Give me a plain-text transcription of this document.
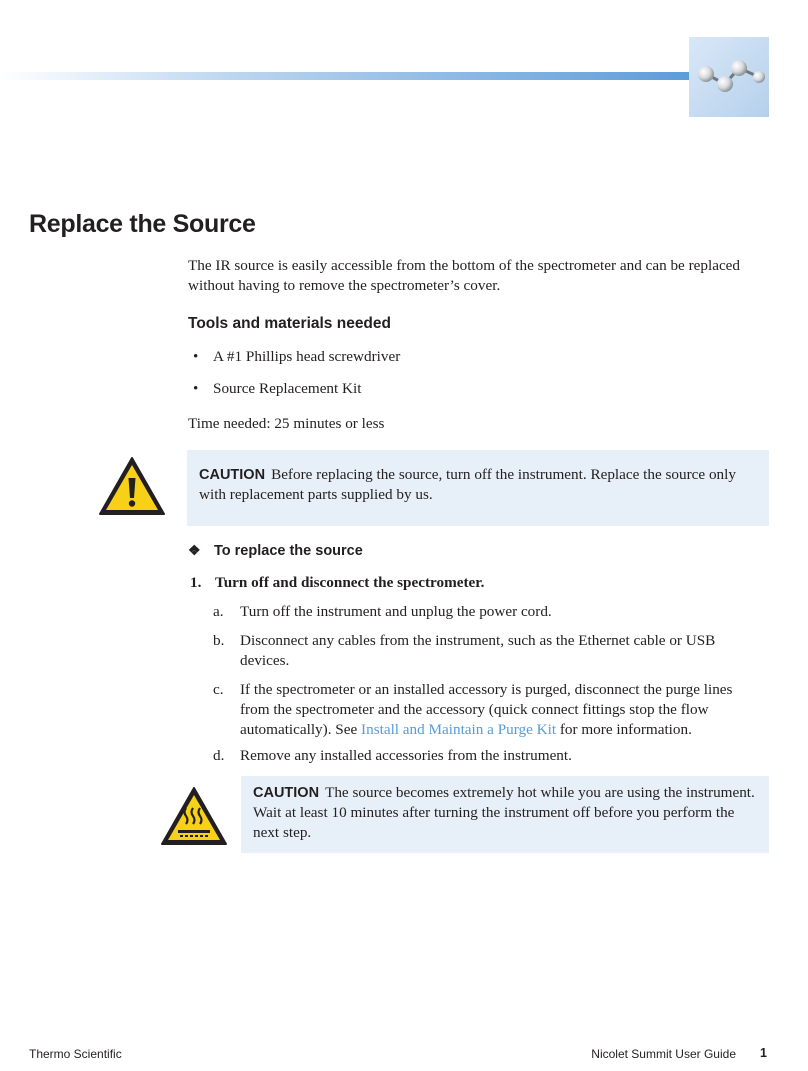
Replace the Source

The IR source is easily accessible from the bottom of the spectrometer and can be replaced without having to remove the spectrometer’s cover.

Tools and materials needed
• A #1 Phillips head screwdriver
• Source Replacement Kit

Time needed: 25 minutes or less

CAUTION Before replacing the source, turn off the instrument. Replace the source only with replacement parts supplied by us.
❖ To replace the source

1. Turn off and disconnect the spectrometer.

a. Turn off the instrument and unplug the power cord.
b. Disconnect any cables from the instrument, such as the Ethernet cable or USB devices.
c. If the spectrometer or an installed accessory is purged, disconnect the purge lines from the spectrometer and the accessory (quick connect fittings stop the flow automatically). See Install and Maintain a Purge Kit for more information.
d. Remove any installed accessories from the instrument.
CAUTION The source becomes extremely hot while you are using the instrument. Wait at least 10 minutes after turning the instrument off before you perform the next step.
Thermo Scientific	Nicolet Summit User Guide 1
